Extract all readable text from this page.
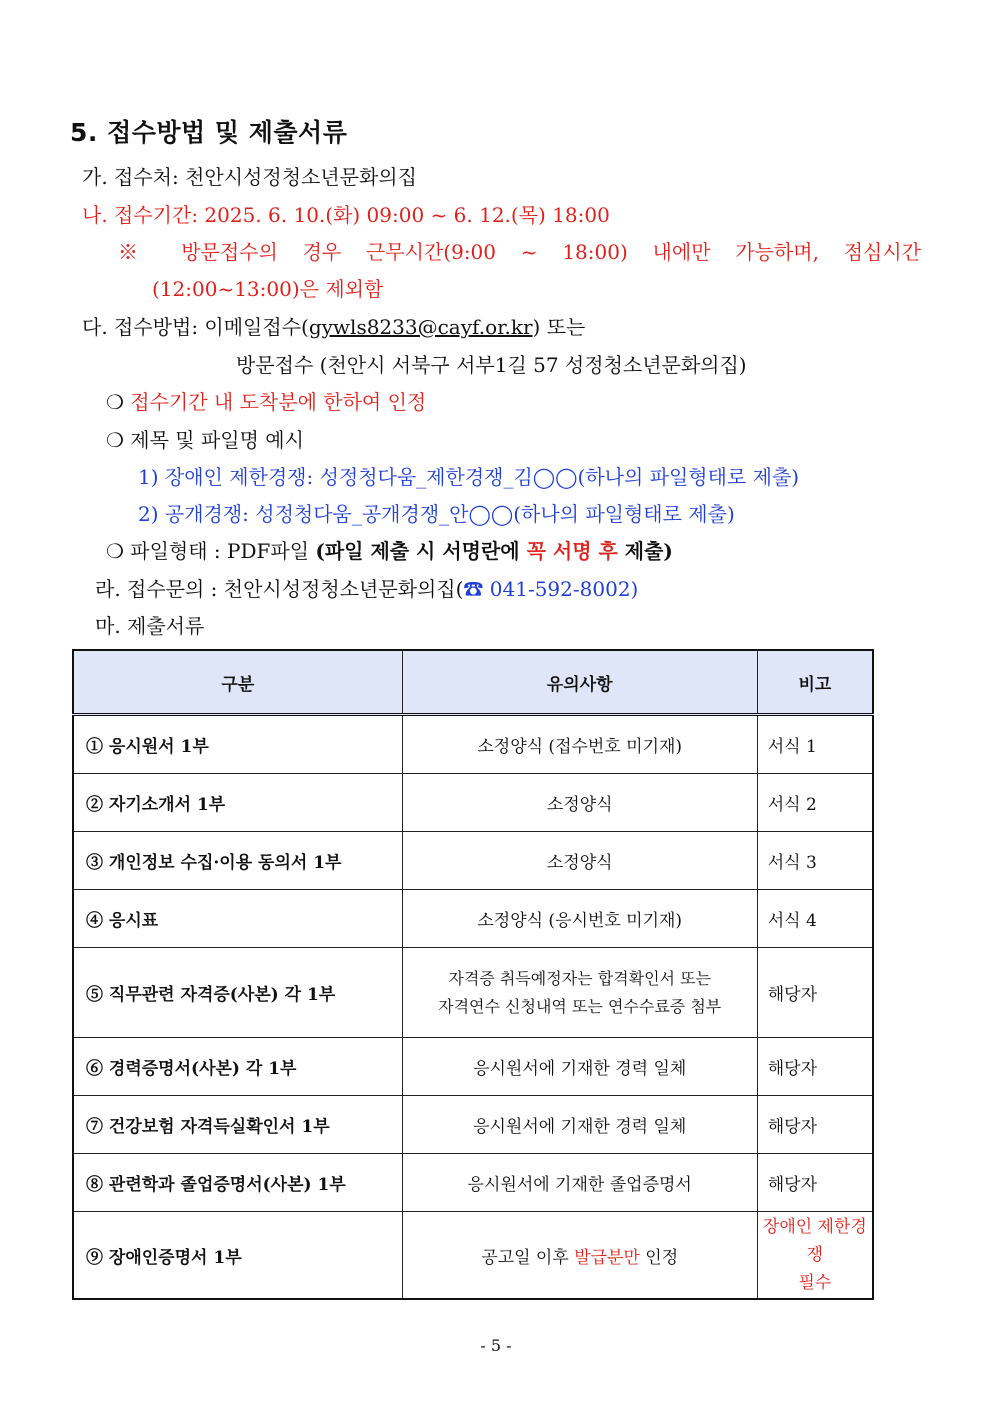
5. 접수방법 및 제출서류
가. 접수처: 천안시성정청소년문화의집
나. 접수기간: 2025. 6. 10.(화) 09:00 ~ 6. 12.(목) 18:00
※ 방문접수의 경우 근무시간(9:00 ~ 18:00) 내에만 가능하며, 점심시간
(12:00~13:00)은 제외함
다. 접수방법: 이메일접수(gywls8233@cayf.or.kr) 또는
방문접수 (천안시 서북구 서부1길 57 성정청소년문화의집)
❍ 접수기간 내 도착분에 한하여 인정
❍ 제목 및 파일명 예시
1) 장애인 제한경쟁: 성정청다움_제한경쟁_김◯◯(하나의 파일형태로 제출)
2) 공개경쟁: 성정청다움_공개경쟁_안◯◯(하나의 파일형태로 제출)
❍ 파일형태 : PDF파일 (파일 제출 시 서명란에 꼭 서명 후 제출)
라. 접수문의 : 천안시성정청소년문화의집(☎ 041-592-8002)
마. 제출서류
구분	유의사항	비고
① 응시원서 1부	소정양식 (접수번호 미기재)	서식 1
② 자기소개서 1부	소정양식	서식 2
③ 개인정보 수집·이용 동의서 1부	소정양식	서식 3
④ 응시표	소정양식 (응시번호 미기재)	서식 4
⑤ 직무관련 자격증(사본) 각 1부	자격증 취득예정자는 합격확인서 또는
자격연수 신청내역 또는 연수수료증 첨부	해당자
⑥ 경력증명서(사본) 각 1부	응시원서에 기재한 경력 일체	해당자
⑦ 건강보험 자격득실확인서 1부	응시원서에 기재한 경력 일체	해당자
⑧ 관련학과 졸업증명서(사본) 1부	응시원서에 기재한 졸업증명서	해당자
⑨ 장애인증명서 1부	공고일 이후 발급분만 인정	장애인 제한경쟁
필수
- 5 -
